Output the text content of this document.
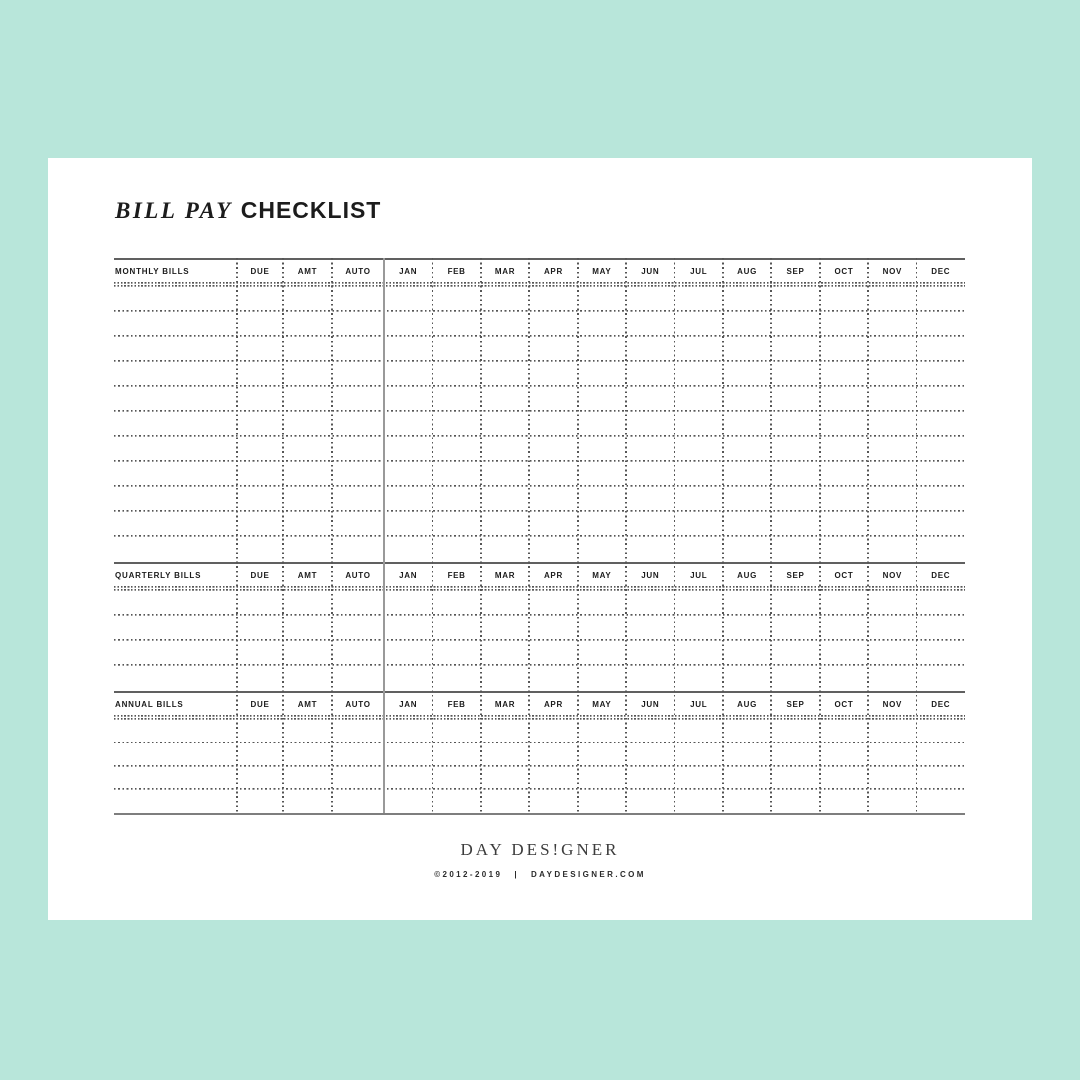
BILL PAY CHECKLIST
MONTHLY BILLS	DUE	AMT	AUTO	JAN	FEB	MAR	APR	MAY	JUN	JUL	AUG	SEP	OCT	NOV	DEC
QUARTERLY BILLS	DUE	AMT	AUTO	JAN	FEB	MAR	APR	MAY	JUN	JUL	AUG	SEP	OCT	NOV	DEC
ANNUAL BILLS	DUE	AMT	AUTO	JAN	FEB	MAR	APR	MAY	JUN	JUL	AUG	SEP	OCT	NOV	DEC
DAY DES!GNER
©2012-2019 | DAYDESIGNER.COM
